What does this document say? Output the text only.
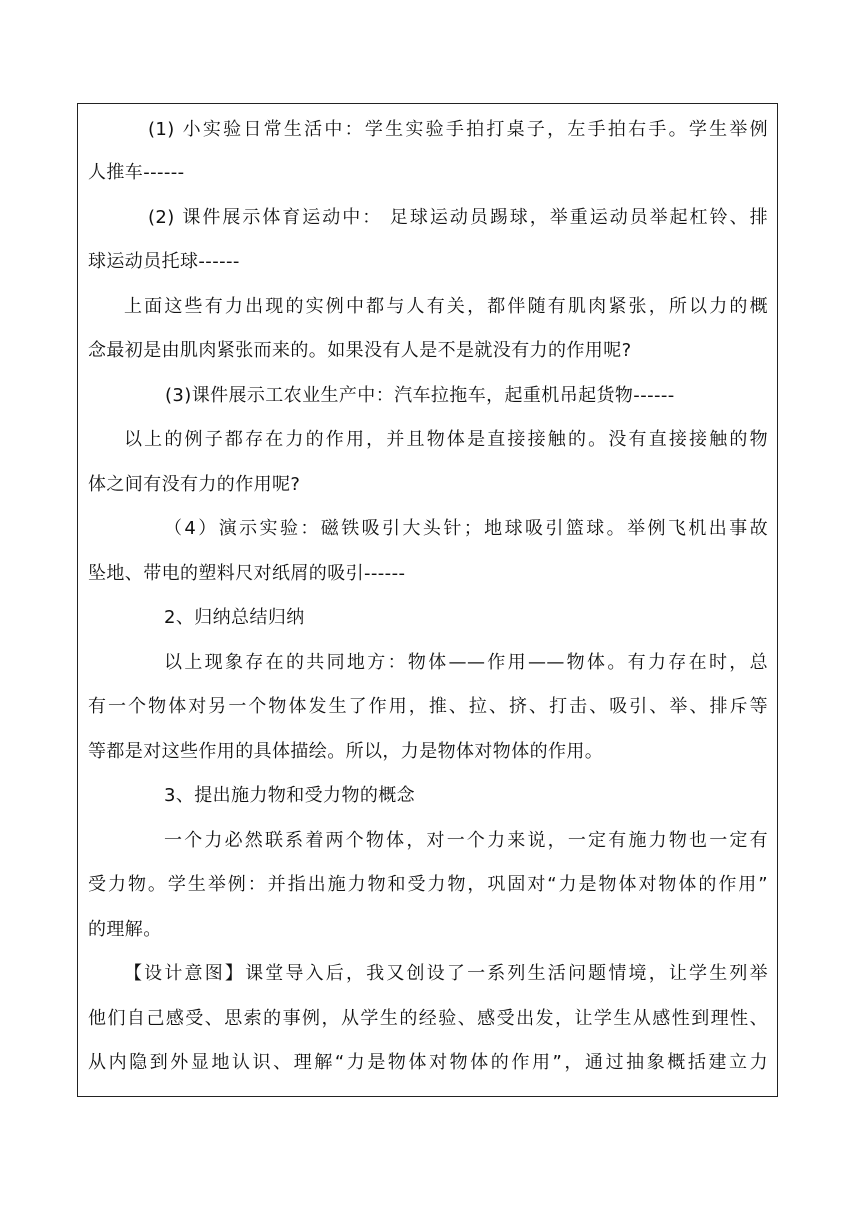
(1) 小实验日常生活中：学生实验手拍打桌子，左手拍右手。学生举例
人推车------
(2) 课件展示体育运动中： 足球运动员踢球，举重运动员举起杠铃、排
球运动员托球------
上面这些有力出现的实例中都与人有关，都伴随有肌肉紧张，所以力的概
念最初是由肌肉紧张而来的。如果没有人是不是就没有力的作用呢?
(3)课件展示工农业生产中：汽车拉拖车，起重机吊起货物------
以上的例子都存在力的作用，并且物体是直接接触的。没有直接接触的物
体之间有没有力的作用呢?
（4）演示实验：磁铁吸引大头针；地球吸引篮球。举例飞机出事故
坠地、带电的塑料尺对纸屑的吸引------
2、归纳总结归纳
以上现象存在的共同地方：物体——作用——物体。有力存在时，总
有一个物体对另一个物体发生了作用，推、拉、挤、打击、吸引、举、排斥等
等都是对这些作用的具体描绘。所以，力是物体对物体的作用。
3、提出施力物和受力物的概念
一个力必然联系着两个物体，对一个力来说，一定有施力物也一定有
受力物。学生举例：并指出施力物和受力物，巩固对“力是物体对物体的作用”
的理解。
【设计意图】课堂导入后，我又创设了一系列生活问题情境，让学生列举
他们自己感受、思索的事例，从学生的经验、感受出发，让学生从感性到理性、
从内隐到外显地认识、理解“力是物体对物体的作用”，通过抽象概括建立力
